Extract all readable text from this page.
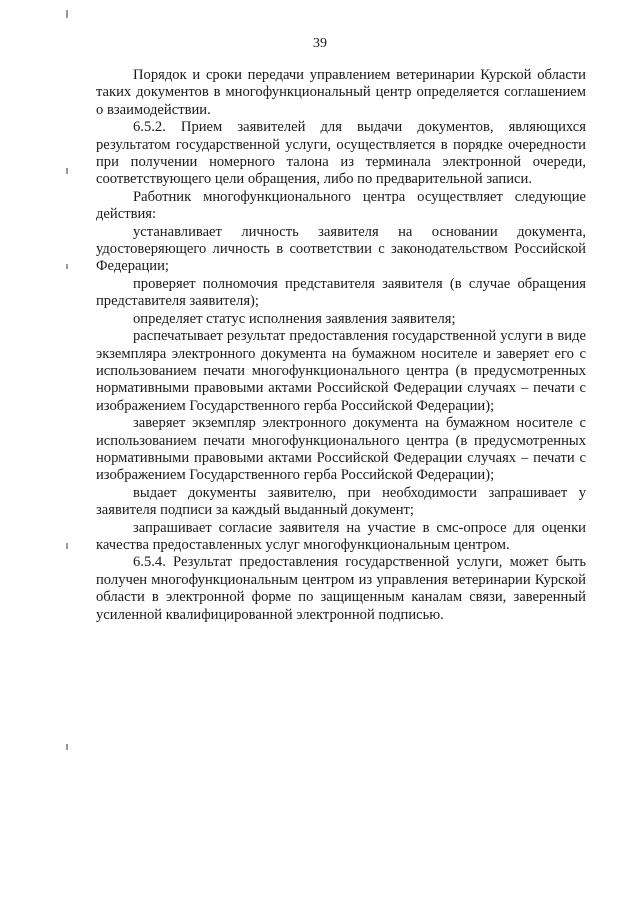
39

Порядок и сроки передачи управлением ветеринарии Курской области таких документов в многофункциональный центр определяется соглашением о взаимодействии.

6.5.2. Прием заявителей для выдачи документов, являющихся результатом государственной услуги, осуществляется в порядке очередности при получении номерного талона из терминала электронной очереди, соответствующего цели обращения, либо по предварительной записи.

Работник многофункционального центра осуществляет следующие действия:

устанавливает личность заявителя на основании документа, удостоверяющего личность в соответствии с законодательством Российской Федерации;

проверяет полномочия представителя заявителя (в случае обращения представителя заявителя);

определяет статус исполнения заявления заявителя;

распечатывает результат предоставления государственной услуги в виде экземпляра электронного документа на бумажном носителе и заверяет его с использованием печати многофункционального центра (в предусмотренных нормативными правовыми актами Российской Федерации случаях – печати с изображением Государственного герба Российской Федерации);

заверяет экземпляр электронного документа на бумажном носителе с использованием печати многофункционального центра (в предусмотренных нормативными правовыми актами Российской Федерации случаях – печати с изображением Государственного герба Российской Федерации);

выдает документы заявителю, при необходимости запрашивает у заявителя подписи за каждый выданный документ;

запрашивает согласие заявителя на участие в смс-опросе для оценки качества предоставленных услуг многофункциональным центром.

6.5.4. Результат предоставления государственной услуги, может быть получен многофункциональным центром из управления ветеринарии Курской области в электронной форме по защищенным каналам связи, заверенный усиленной квалифицированной электронной подписью.
